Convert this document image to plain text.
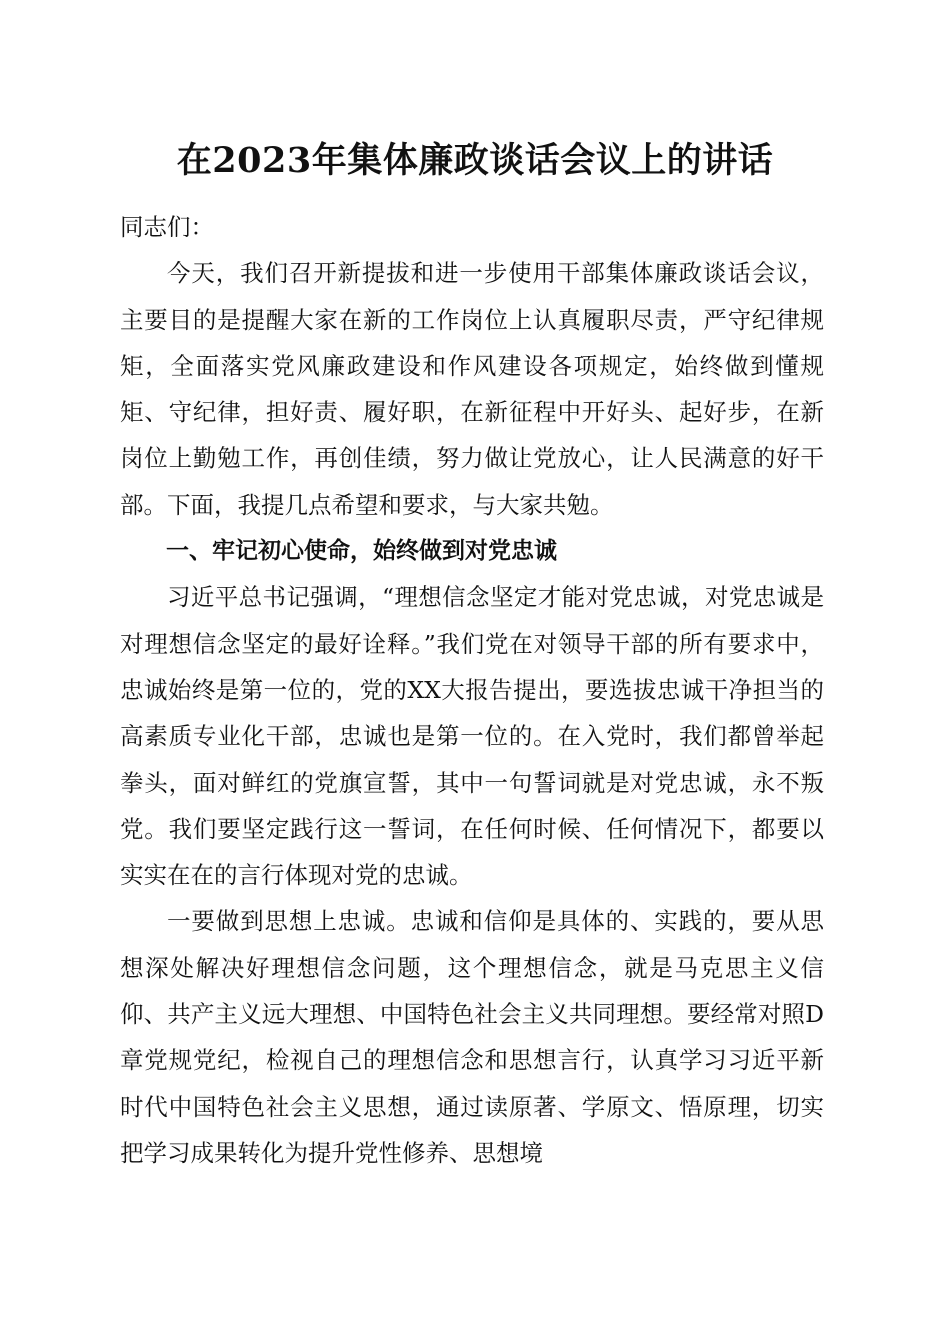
在2023年集体廉政谈话会议上的讲话

同志们：

今天，我们召开新提拔和进一步使用干部集体廉政谈话会议，主要目的是提醒大家在新的工作岗位上认真履职尽责，严守纪律规矩，全面落实党风廉政建设和作风建设各项规定，始终做到懂规矩、守纪律，担好责、履好职，在新征程中开好头、起好步，在新岗位上勤勉工作，再创佳绩，努力做让党放心，让人民满意的好干部。下面，我提几点希望和要求，与大家共勉。

一、牢记初心使命，始终做到对党忠诚

习近平总书记强调，“理想信念坚定才能对党忠诚，对党忠诚是对理想信念坚定的最好诠释。”我们党在对领导干部的所有要求中，忠诚始终是第一位的，党的XX大报告提出，要选拔忠诚干净担当的高素质专业化干部，忠诚也是第一位的。在入党时，我们都曾举起拳头，面对鲜红的党旗宣誓，其中一句誓词就是对党忠诚，永不叛党。我们要坚定践行这一誓词，在任何时候、任何情况下，都要以实实在在的言行体现对党的忠诚。

一要做到思想上忠诚。忠诚和信仰是具体的、实践的，要从思想深处解决好理想信念问题，这个理想信念，就是马克思主义信仰、共产主义远大理想、中国特色社会主义共同理想。要经常对照D章党规党纪，检视自己的理想信念和思想言行，认真学习习近平新时代中国特色社会主义思想，通过读原著、学原文、悟原理，切实把学习成果转化为提升党性修养、思想境
